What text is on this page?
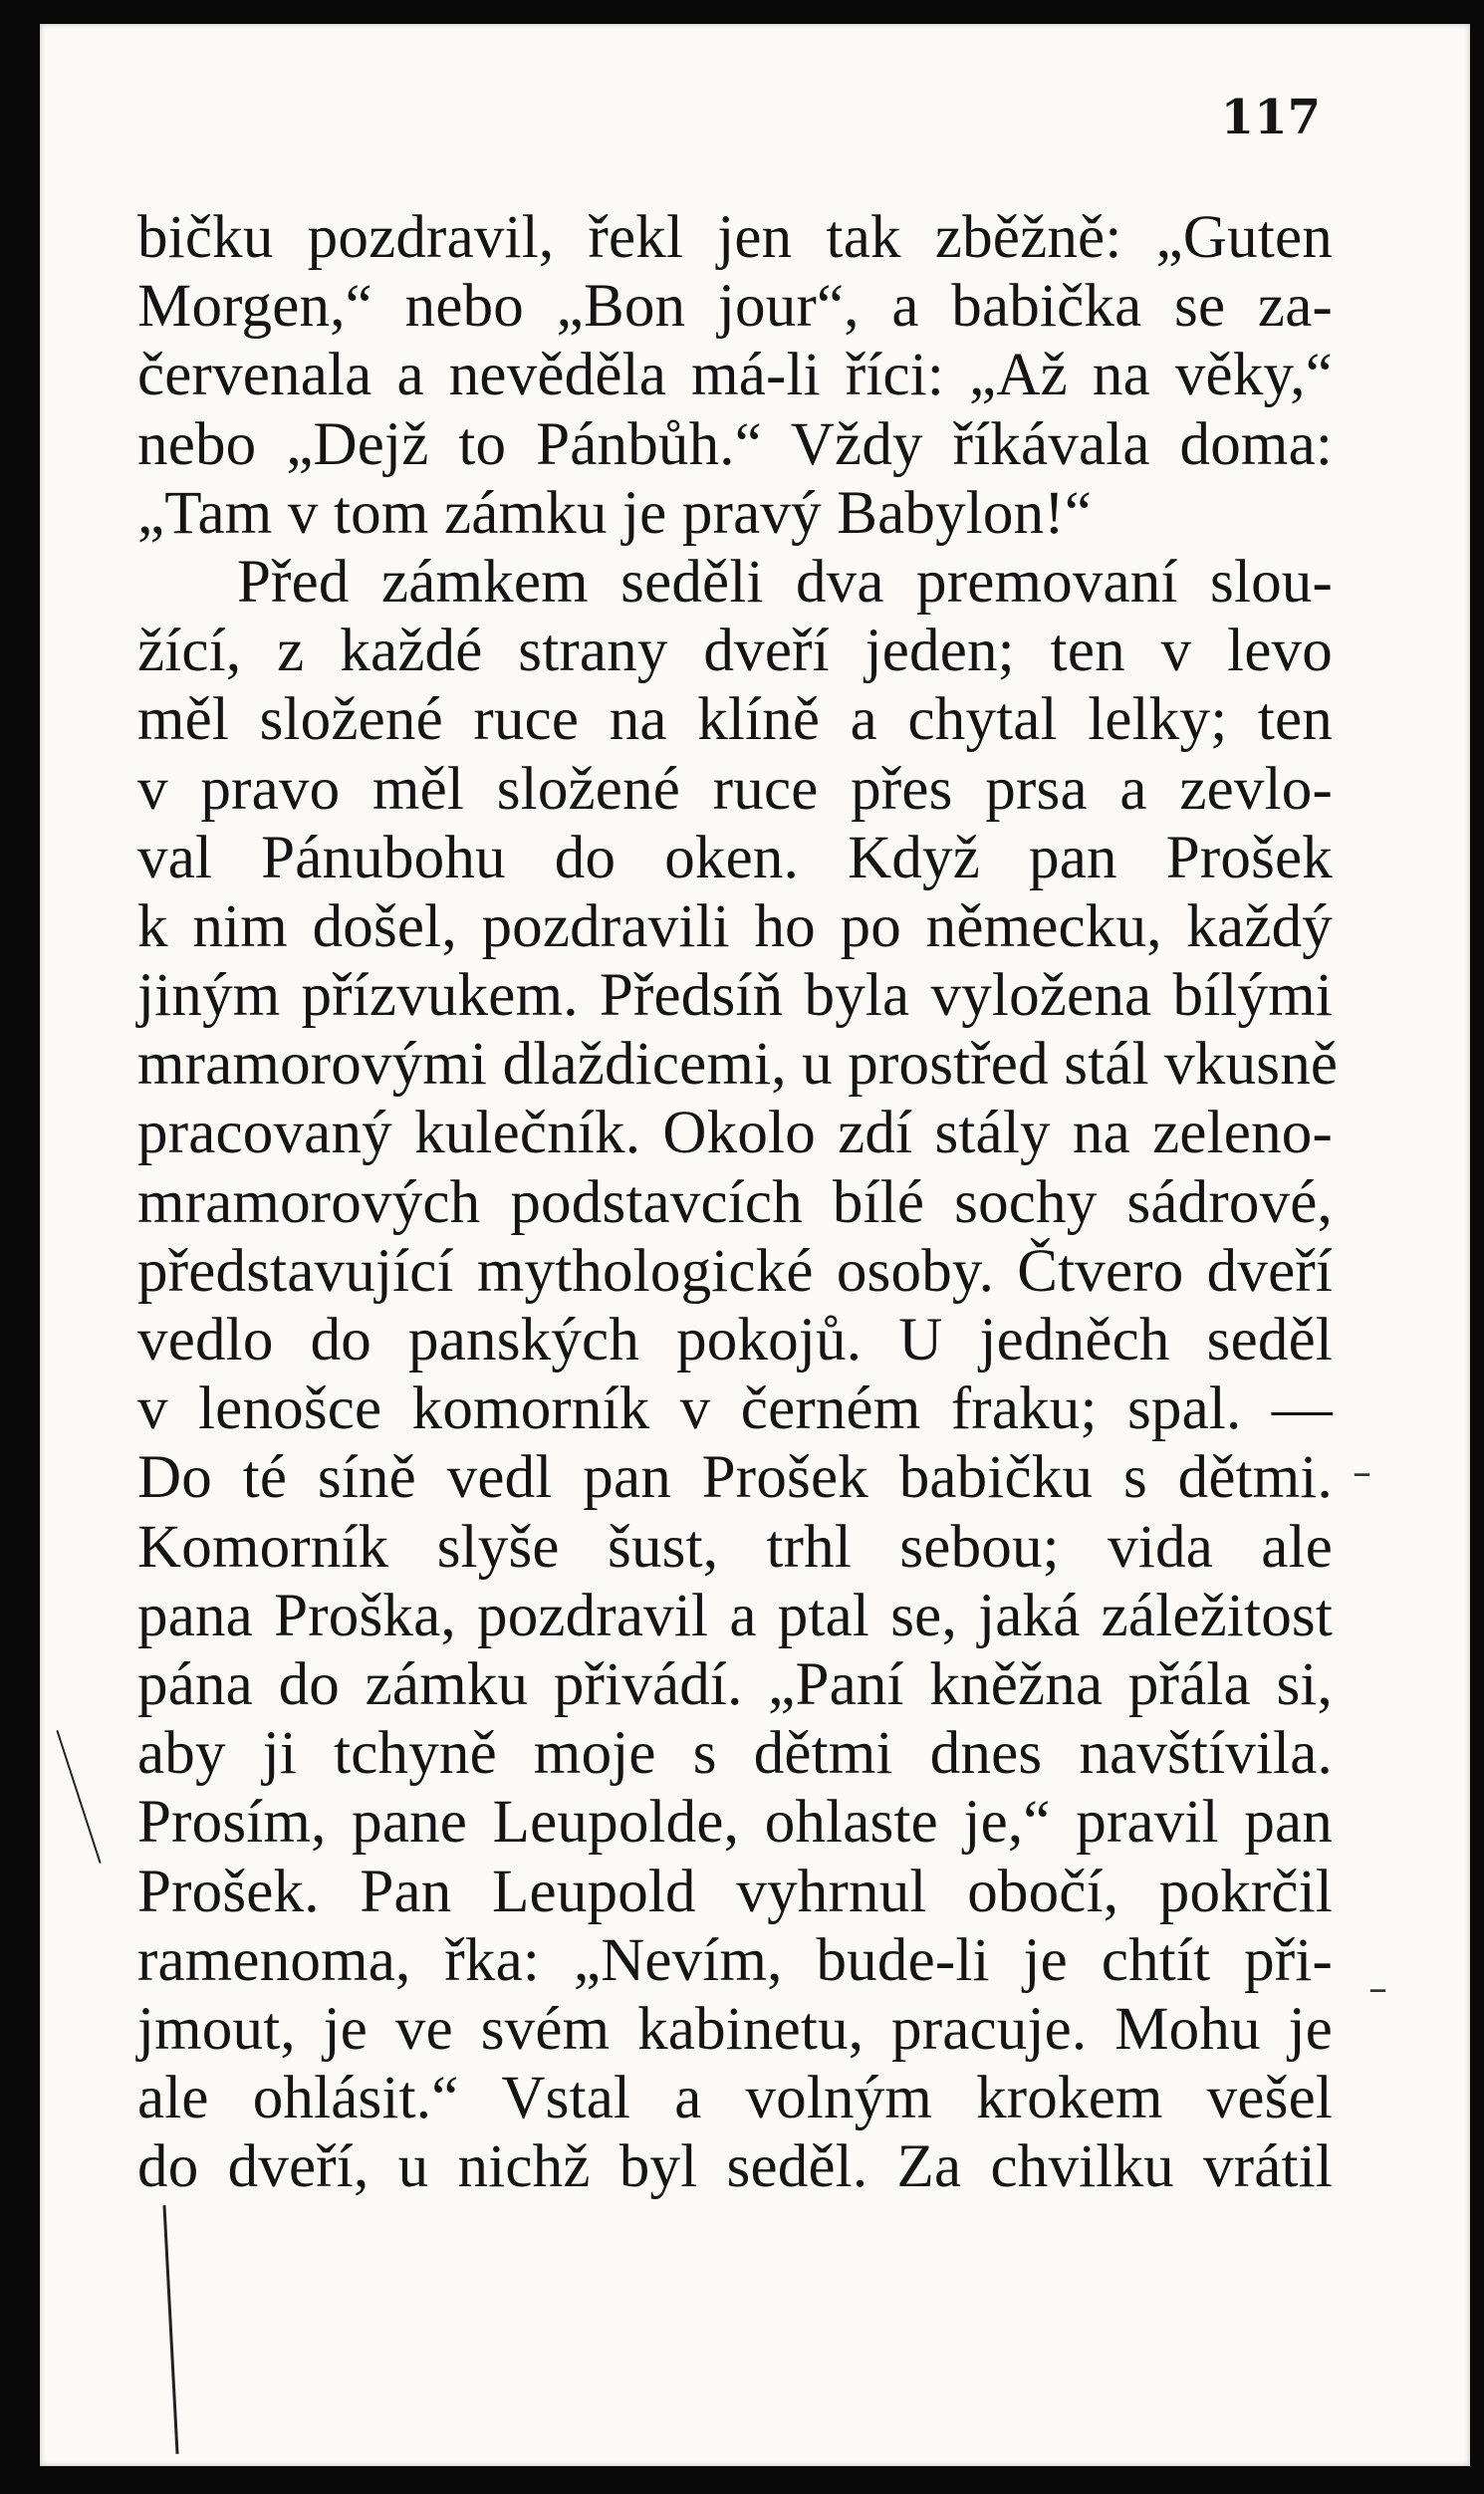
117
bičku pozdravil, řekl jen tak zběžně: „Guten
Morgen,“ nebo „Bon jour“, a babička se za-
červenala a nevěděla má-li říci: „Až na věky,“
nebo „Dejž to Pánbůh.“ Vždy říkávala doma:
„Tam v tom zámku je pravý Babylon!“
Před zámkem seděli dva premovaní slou-
žící, z každé strany dveří jeden; ten v levo
měl složené ruce na klíně a chytal lelky; ten
v pravo měl složené ruce přes prsa a zevlo-
val Pánubohu do oken. Když pan Prošek
k nim došel, pozdravili ho po německu, každý
jiným přízvukem. Předsíň byla vyložena bílými
mramorovými dlaždicemi, u prostřed stál vkusně
pracovaný kulečník. Okolo zdí stály na zeleno-
mramorových podstavcích bílé sochy sádrové,
představující mythologické osoby. Čtvero dveří
vedlo do panských pokojů. U jedněch seděl
v lenošce komorník v černém fraku; spal. —
Do té síně vedl pan Prošek babičku s dětmi.
Komorník slyše šust, trhl sebou; vida ale
pana Proška, pozdravil a ptal se, jaká záležitost
pána do zámku přivádí. „Paní kněžna přála si,
aby ji tchyně moje s dětmi dnes navštívila.
Prosím, pane Leupolde, ohlaste je,“ pravil pan
Prošek. Pan Leupold vyhrnul obočí, pokrčil
ramenoma, řka: „Nevím, bude-li je chtít při-
jmout, je ve svém kabinetu, pracuje. Mohu je
ale ohlásit.“ Vstal a volným krokem vešel
do dveří, u nichž byl seděl. Za chvilku vrátil
–
–
